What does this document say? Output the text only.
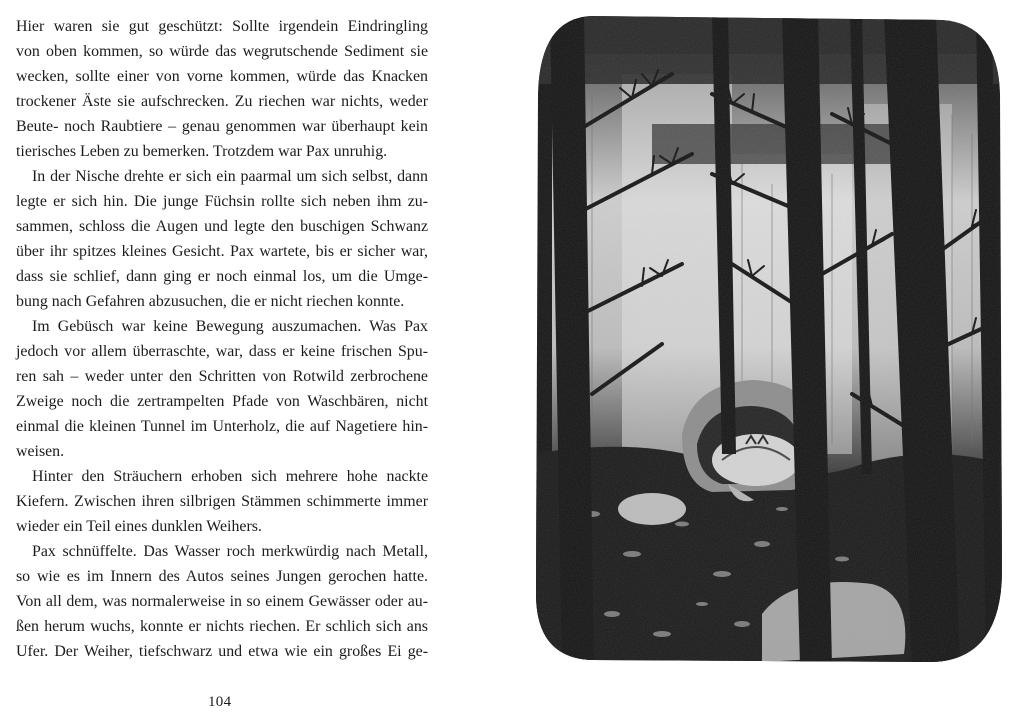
Hier waren sie gut geschützt: Sollte irgendein Eindringling
von oben kommen, so würde das wegrutschende Sediment sie
wecken, sollte einer von vorne kommen, würde das Knacken
trockener Äste sie aufschrecken. Zu riechen war nichts, weder
Beute- noch Raubtiere – genau genommen war überhaupt kein
tierisches Leben zu bemerken. Trotzdem war Pax unruhig.
In der Nische drehte er sich ein paarmal um sich selbst, dann
legte er sich hin. Die junge Füchsin rollte sich neben ihm zu-
sammen, schloss die Augen und legte den buschigen Schwanz
über ihr spitzes kleines Gesicht. Pax wartete, bis er sicher war,
dass sie schlief, dann ging er noch einmal los, um die Umge-
bung nach Gefahren abzusuchen, die er nicht riechen konnte.
Im Gebüsch war keine Bewegung auszumachen. Was Pax
jedoch vor allem überraschte, war, dass er keine frischen Spu-
ren sah – weder unter den Schritten von Rotwild zerbrochene
Zweige noch die zertrampelten Pfade von Waschbären, nicht
einmal die kleinen Tunnel im Unterholz, die auf Nagetiere hin-
weisen.
Hinter den Sträuchern erhoben sich mehrere hohe nackte
Kiefern. Zwischen ihren silbrigen Stämmen schimmerte immer
wieder ein Teil eines dunklen Weihers.
Pax schnüffelte. Das Wasser roch merkwürdig nach Metall,
so wie es im Innern des Autos seines Jungen gerochen hatte.
Von all dem, was normalerweise in so einem Gewässer oder au-
ßen herum wuchs, konnte er nichts riechen. Er schlich sich ans
Ufer. Der Weiher, tiefschwarz und etwa wie ein großes Ei ge-
104
